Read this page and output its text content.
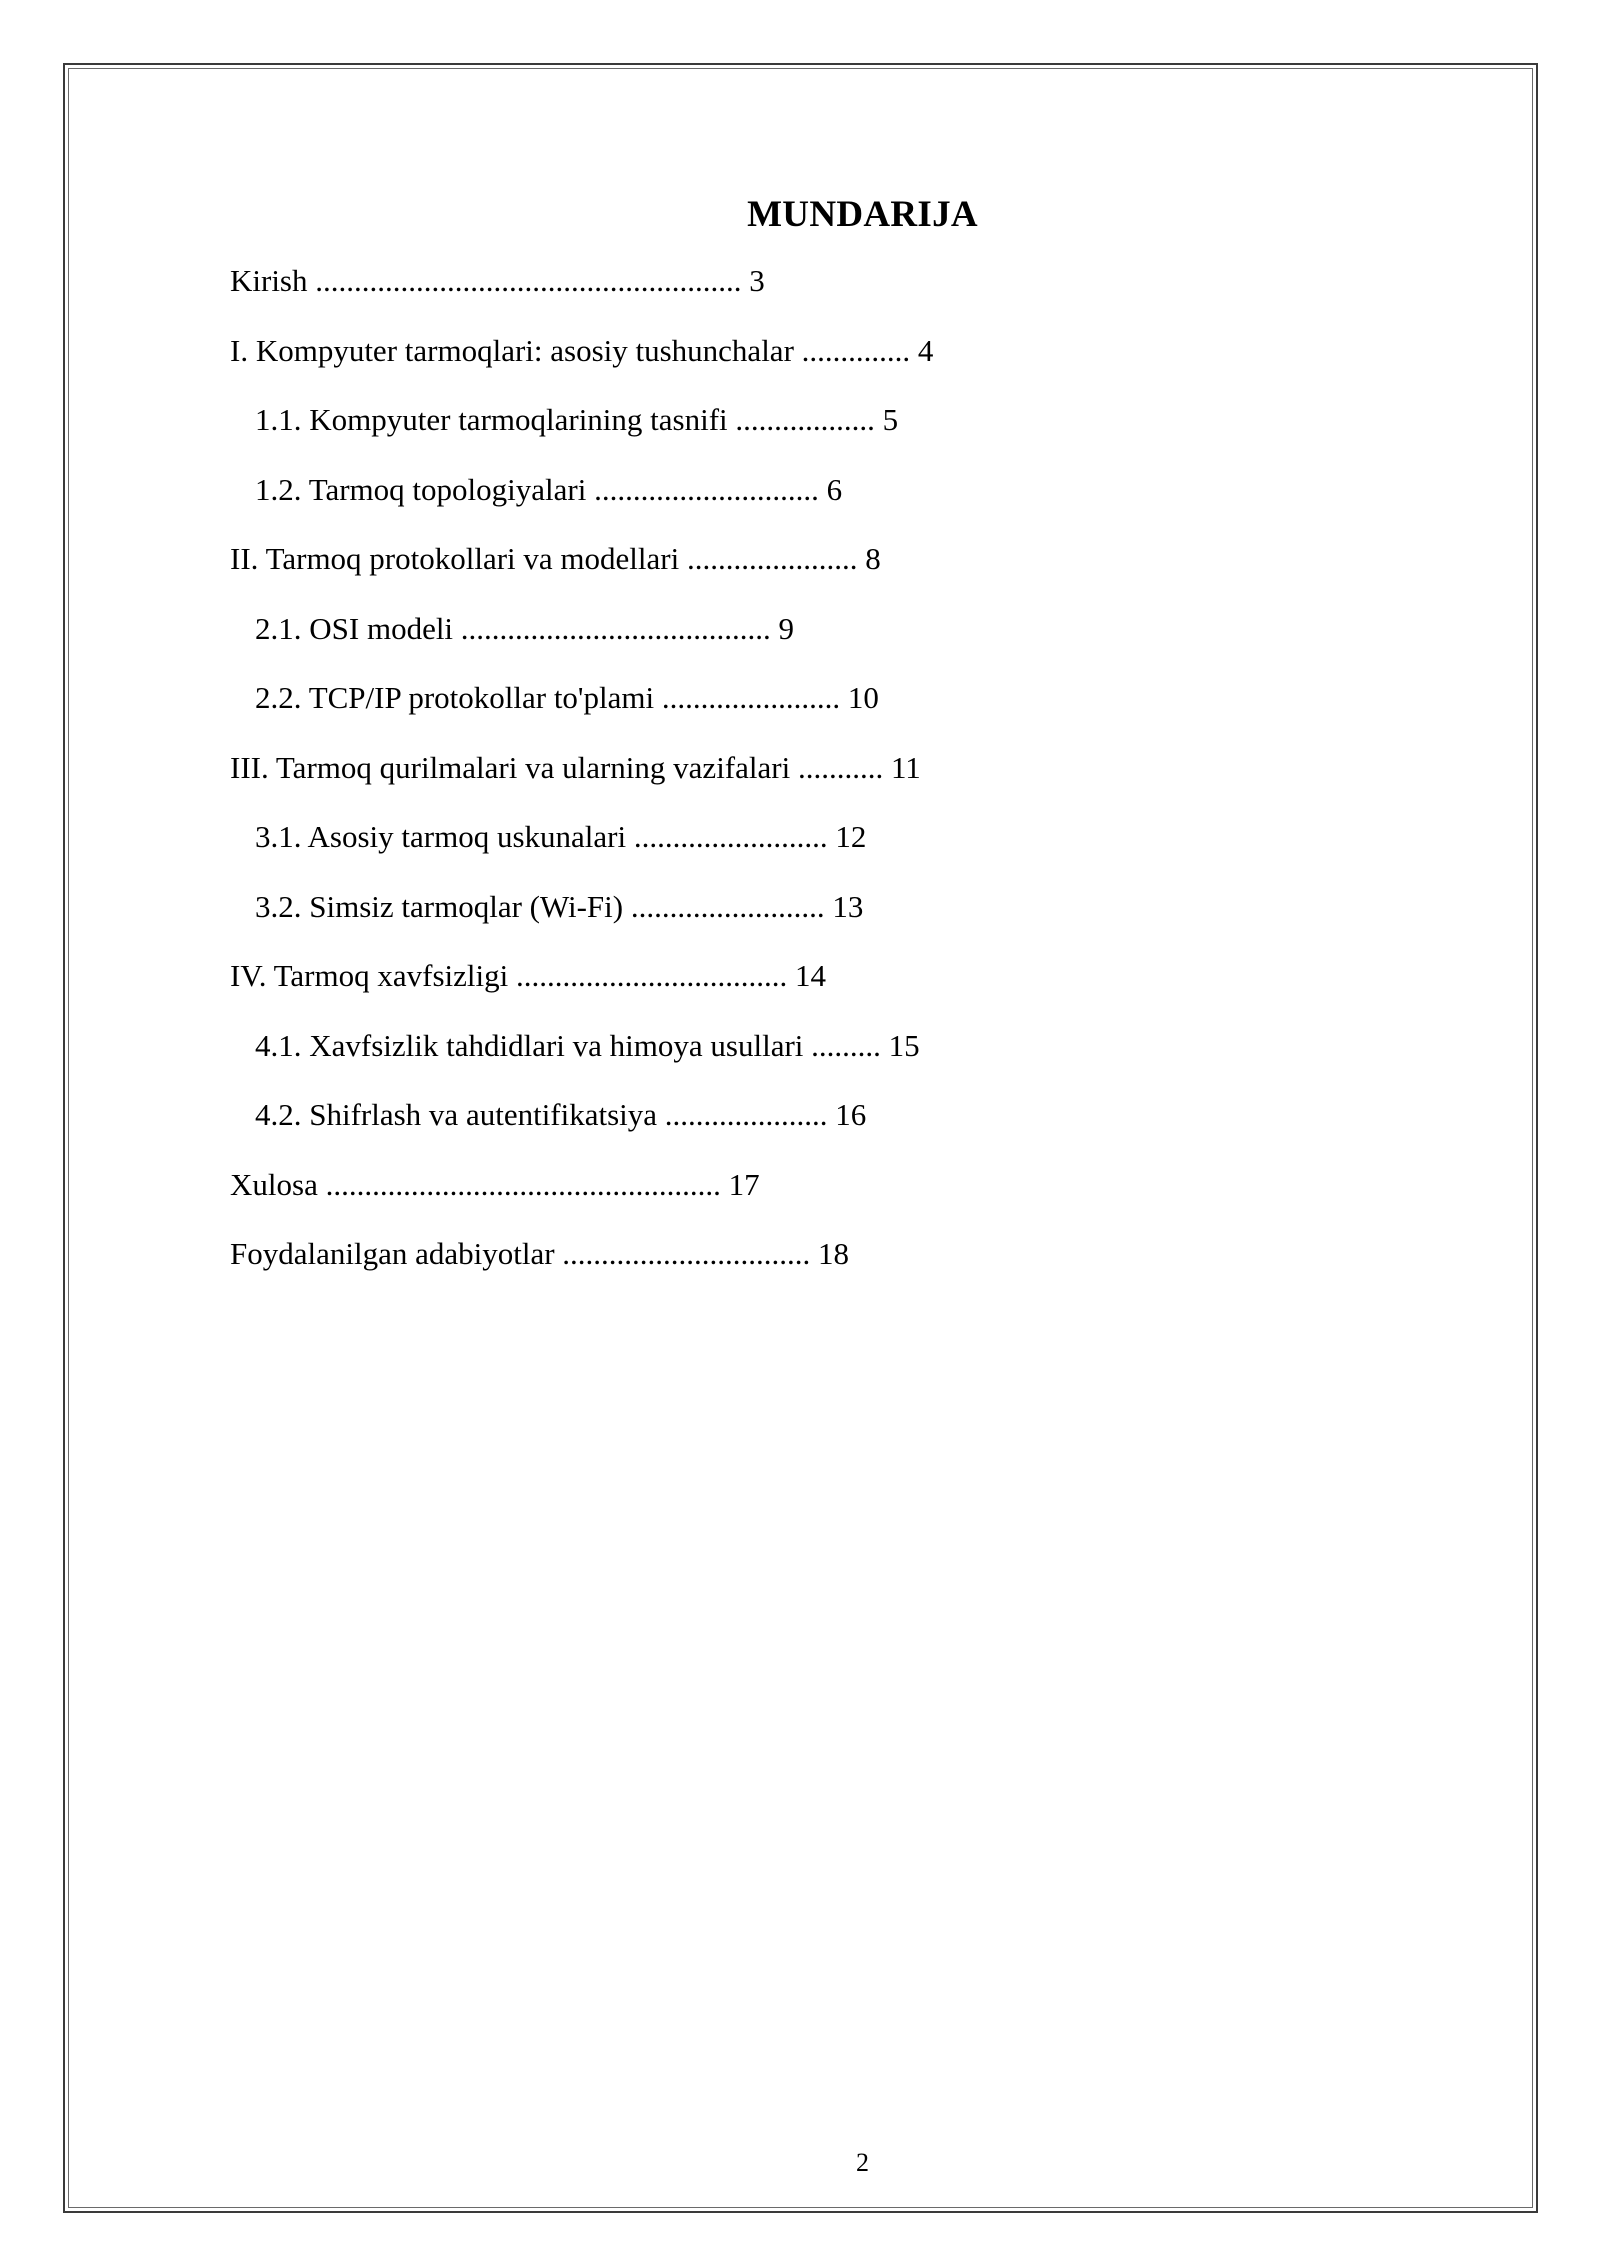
MUNDARIJA
Kirish ....................................................... 3
I. Kompyuter tarmoqlari: asosiy tushunchalar .............. 4
1.1. Kompyuter tarmoqlarining tasnifi .................. 5
1.2. Tarmoq topologiyalari ............................. 6
II. Tarmoq protokollari va modellari ...................... 8
2.1. OSI modeli ........................................ 9
2.2. TCP/IP protokollar to'plami ....................... 10
III. Tarmoq qurilmalari va ularning vazifalari ........... 11
3.1. Asosiy tarmoq uskunalari ......................... 12
3.2. Simsiz tarmoqlar (Wi-Fi) ......................... 13
IV. Tarmoq xavfsizligi ................................... 14
4.1. Xavfsizlik tahdidlari va himoya usullari ......... 15
4.2. Shifrlash va autentifikatsiya ..................... 16
Xulosa ................................................... 17
Foydalanilgan adabiyotlar ................................ 18
2
